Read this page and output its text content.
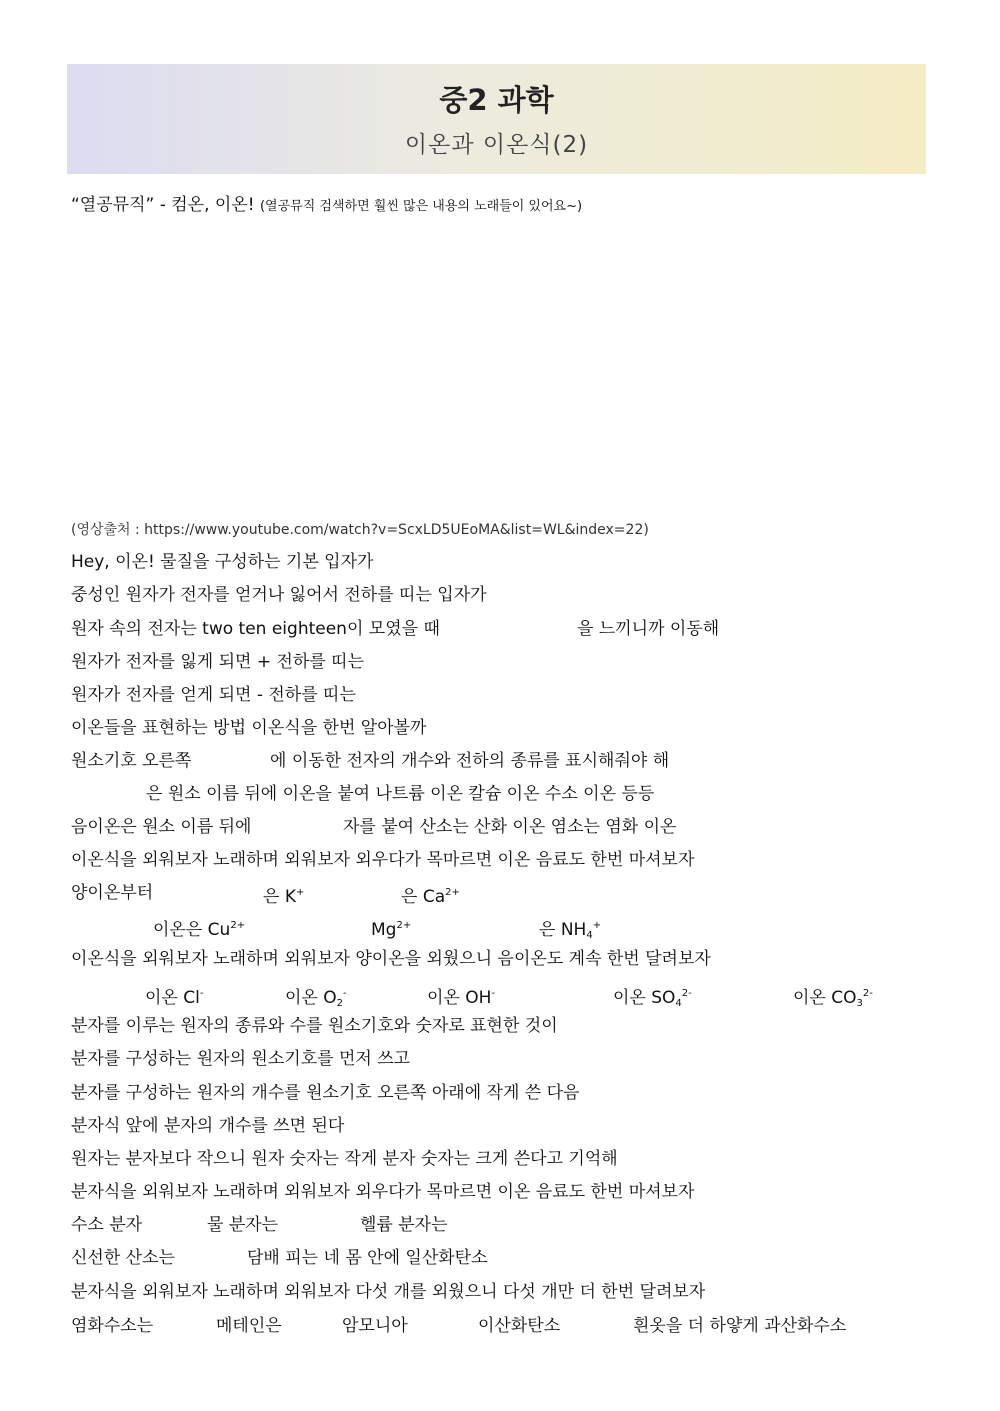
중2 과학
이온과 이온식(2)
“열공뮤직” - 컴온, 이온! (열공뮤직 검색하면 훨씬 많은 내용의 노래들이 있어요~)
(영상출처 : https://www.youtube.com/watch?v=ScxLD5UEoMA&list=WL&index=22)
Hey, 이온! 물질을 구성하는 기본 입자가
중성인 원자가 전자를 얻거나 잃어서 전하를 띠는 입자가
원자 속의 전자는 two ten eighteen이 모였을 때	을 느끼니까 이동해
원자가 전자를 잃게 되면 + 전하를 띠는
원자가 전자를 얻게 되면 - 전하를 띠는
이온들을 표현하는 방법 이온식을 한번 알아볼까
원소기호 오른쪽	에 이동한 전자의 개수와 전하의 종류를 표시해줘야 해
은 원소 이름 뒤에 이온을 붙여 나트륨 이온 칼슘 이온 수소 이온 등등
음이온은 원소 이름 뒤에	자를 붙여 산소는 산화 이온 염소는 염화 이온
이온식을 외워보자 노래하며 외워보자 외우다가 목마르면 이온 음료도 한번 마셔보자
양이온부터	은 K+	은 $Ca^{2+}$
이온은 $Cu^{2+}$	$Mg^{2+}$	은 $NH_4^+$
이온식을 외워보자 노래하며 외워보자 양이온을 외웠으니 음이온도 계속 한번 달려보자
이온 Cl-	이온 $O_2^-$	이온 OH-	이온 $SO_4^{2-}$	이온 $CO_3^{2-}$
분자를 이루는 원자의 종류와 수를 원소기호와 숫자로 표현한 것이
분자를 구성하는 원자의 원소기호를 먼저 쓰고
분자를 구성하는 원자의 개수를 원소기호 오른쪽 아래에 작게 쓴 다음
분자식 앞에 분자의 개수를 쓰면 된다
원자는 분자보다 작으니 원자 숫자는 작게 분자 숫자는 크게 쓴다고 기억해
분자식을 외워보자 노래하며 외워보자 외우다가 목마르면 이온 음료도 한번 마셔보자
수소 분자	물 분자는	헬륨 분자는
신선한 산소는	담배 피는 네 몸 안에 일산화탄소
분자식을 외워보자 노래하며 외워보자 다섯 개를 외웠으니 다섯 개만 더 한번 달려보자
염화수소는	메테인은	암모니아	이산화탄소	흰옷을 더 하얗게 과산화수소
